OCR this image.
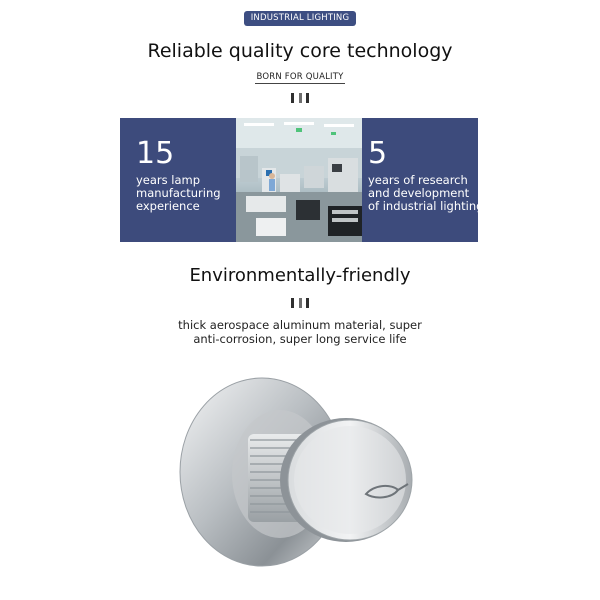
INDUSTRIAL LIGHTING
Reliable quality core technology
BORN FOR QUALITY
15
years lamp
manufacturing
experience
5
years of research
and development
of industrial lighting
Environmentally-friendly
thick aerospace aluminum material, super
anti-corrosion, super long service life
